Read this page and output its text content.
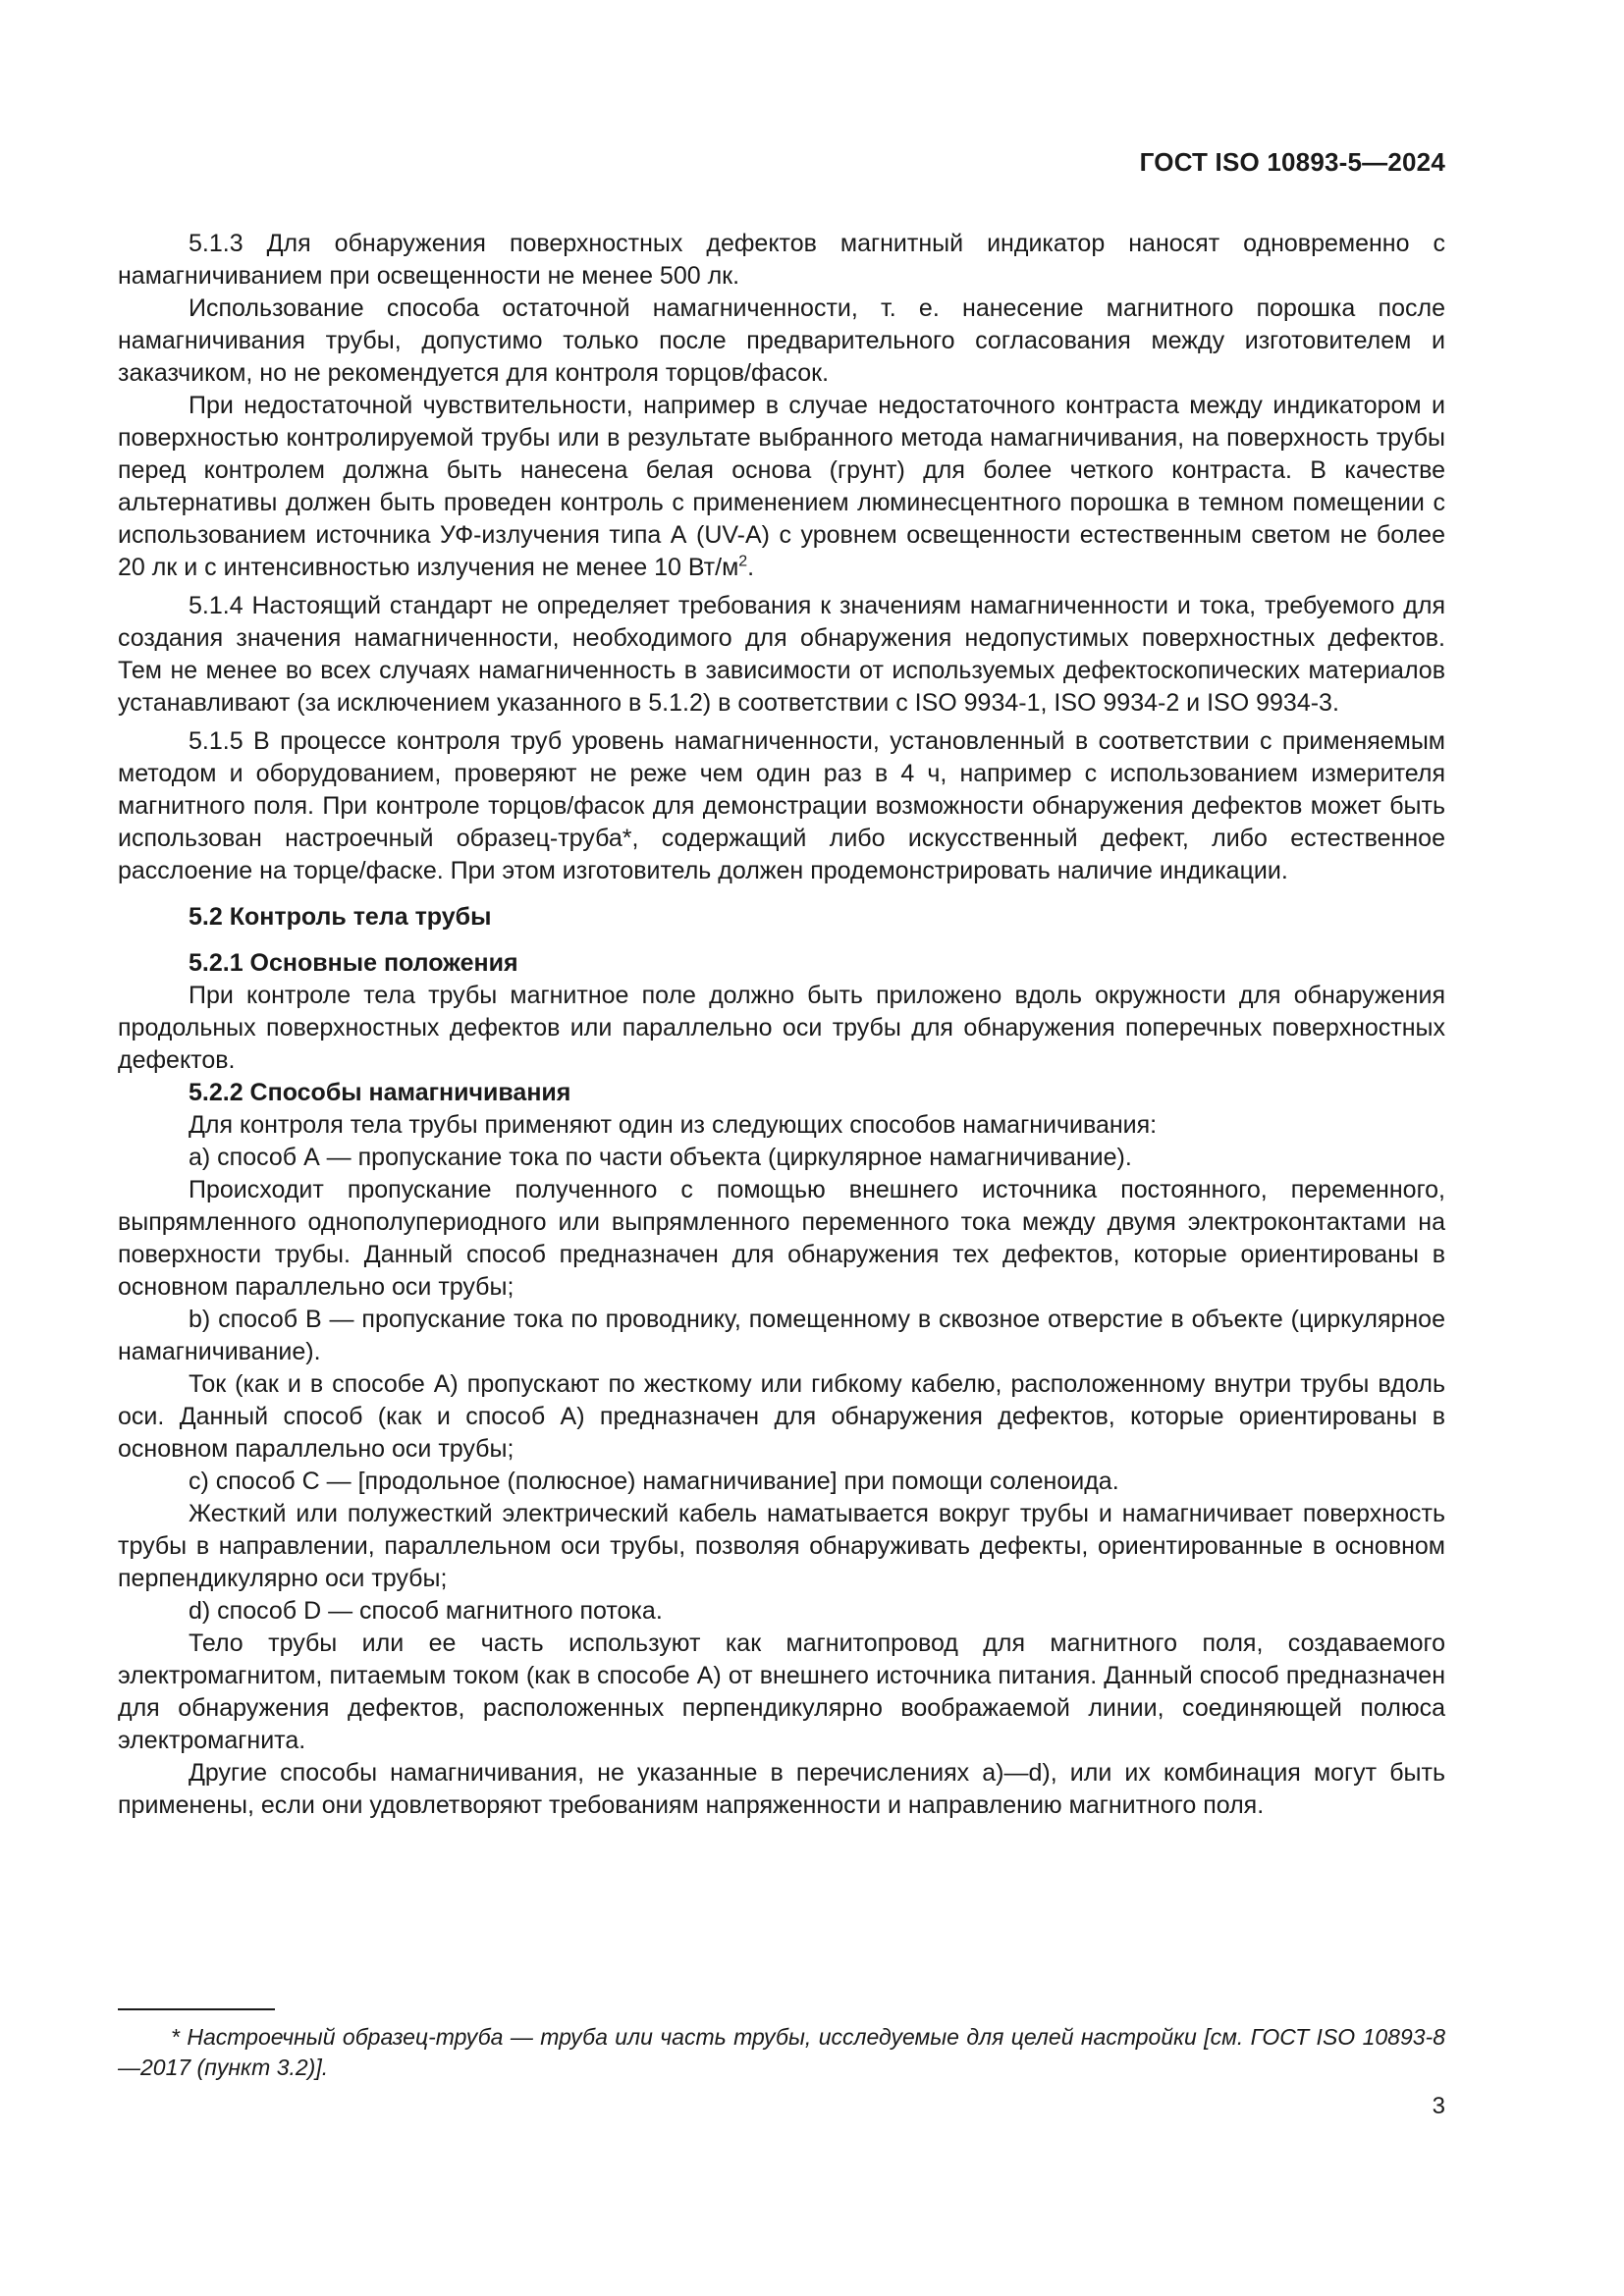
ГОСТ ISO 10893-5—2024

5.1.3 Для обнаружения поверхностных дефектов магнитный индикатор наносят одновременно с намагничиванием при освещенности не менее 500 лк.

Использование способа остаточной намагниченности, т. е. нанесение магнитного порошка после намагничивания трубы, допустимо только после предварительного согласования между изготовителем и заказчиком, но не рекомендуется для контроля торцов/фасок.

При недостаточной чувствительности, например в случае недостаточного контраста между индикатором и поверхностью контролируемой трубы или в результате выбранного метода намагничивания, на поверхность трубы перед контролем должна быть нанесена белая основа (грунт) для более четкого контраста. В качестве альтернативы должен быть проведен контроль с применением люминесцентного порошка в темном помещении с использованием источника УФ-излучения типа А (UV-A) с уровнем освещенности естественным светом не более 20 лк и с интенсивностью излучения не менее 10 $Вт/м^2$.

5.1.4 Настоящий стандарт не определяет требования к значениям намагниченности и тока, требуемого для создания значения намагниченности, необходимого для обнаружения недопустимых поверхностных дефектов. Тем не менее во всех случаях намагниченность в зависимости от используемых дефектоскопических материалов устанавливают (за исключением указанного в 5.1.2) в соответствии с ISO 9934-1, ISO 9934-2 и ISO 9934-3.

5.1.5 В процессе контроля труб уровень намагниченности, установленный в соответствии с применяемым методом и оборудованием, проверяют не реже чем один раз в 4 ч, например с использованием измерителя магнитного поля. При контроле торцов/фасок для демонстрации возможности обнаружения дефектов может быть использован настроечный образец-труба*, содержащий либо искусственный дефект, либо естественное расслоение на торце/фаске. При этом изготовитель должен продемонстрировать наличие индикации.

5.2 Контроль тела трубы

5.2.1 Основные положения

При контроле тела трубы магнитное поле должно быть приложено вдоль окружности для обнаружения продольных поверхностных дефектов или параллельно оси трубы для обнаружения поперечных поверхностных дефектов.

5.2.2 Способы намагничивания

Для контроля тела трубы применяют один из следующих способов намагничивания:

a) способ А — пропускание тока по части объекта (циркулярное намагничивание).

Происходит пропускание полученного с помощью внешнего источника постоянного, переменного, выпрямленного однополупериодного или выпрямленного переменного тока между двумя электроконтактами на поверхности трубы. Данный способ предназначен для обнаружения тех дефектов, которые ориентированы в основном параллельно оси трубы;

b) способ В — пропускание тока по проводнику, помещенному в сквозное отверстие в объекте (циркулярное намагничивание).

Ток (как и в способе А) пропускают по жесткому или гибкому кабелю, расположенному внутри трубы вдоль оси. Данный способ (как и способ А) предназначен для обнаружения дефектов, которые ориентированы в основном параллельно оси трубы;

c) способ С — [продольное (полюсное) намагничивание] при помощи соленоида.

Жесткий или полужесткий электрический кабель наматывается вокруг трубы и намагничивает поверхность трубы в направлении, параллельном оси трубы, позволяя обнаруживать дефекты, ориентированные в основном перпендикулярно оси трубы;

d) способ D — способ магнитного потока.

Тело трубы или ее часть используют как магнитопровод для магнитного поля, создаваемого электромагнитом, питаемым током (как в способе А) от внешнего источника питания. Данный способ предназначен для обнаружения дефектов, расположенных перпендикулярно воображаемой линии, соединяющей полюса электромагнита.

Другие способы намагничивания, не указанные в перечислениях a)—d), или их комбинация могут быть применены, если они удовлетворяют требованиям напряженности и направлению магнитного поля.

* Настроечный образец-труба — труба или часть трубы, исследуемые для целей настройки [см. ГОСТ ISO 10893-8—2017 (пункт 3.2)].

3
